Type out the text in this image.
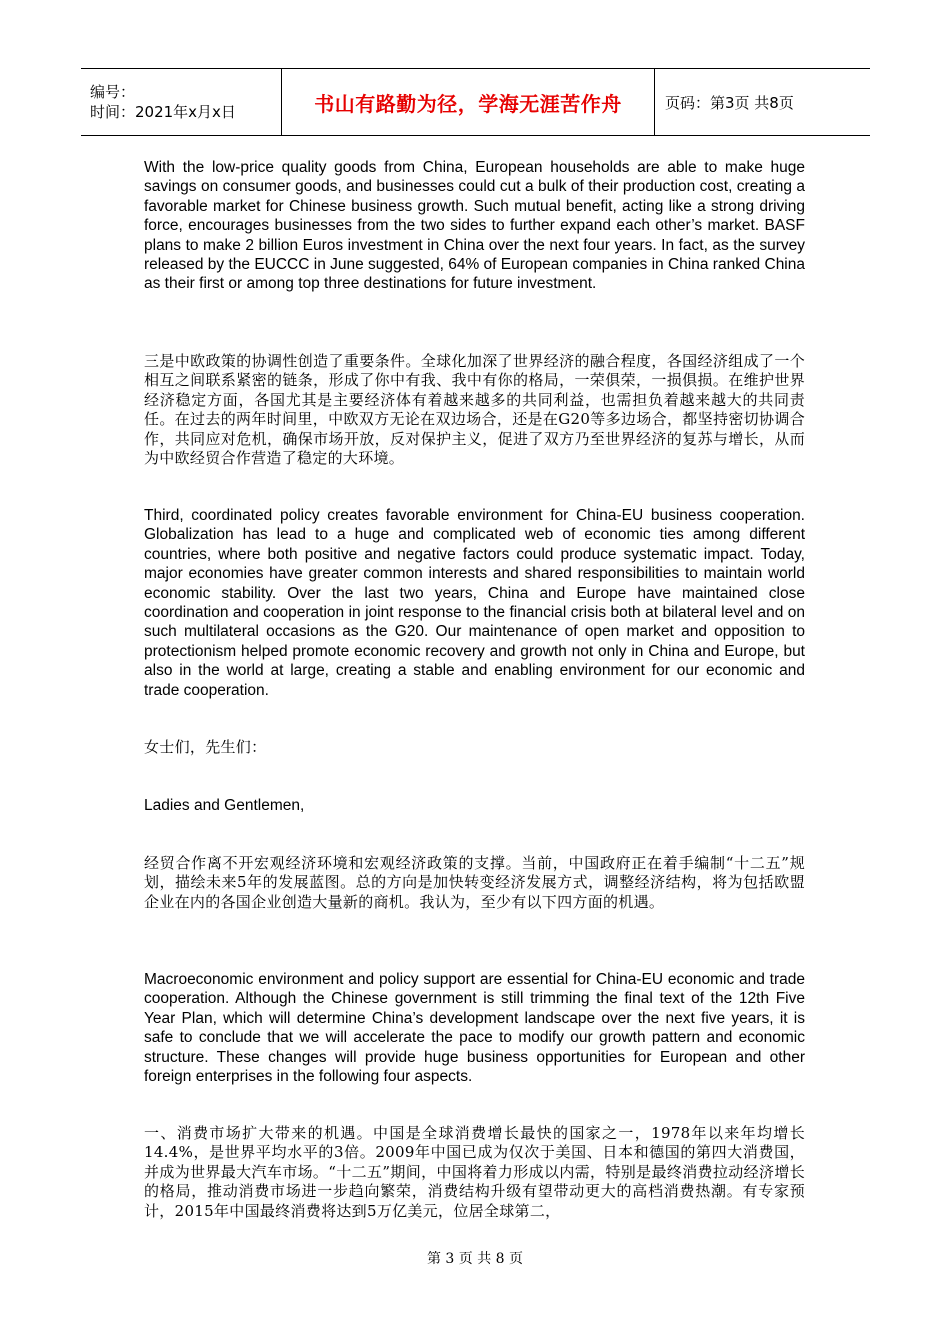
编号：
时间：2021年x月x日	书山有路勤为径，学海无涯苦作舟	页码：第3页 共8页

With the low-price quality goods from China, European households are able to make huge savings on consumer goods, and businesses could cut a bulk of their production cost, creating a favorable market for Chinese business growth. Such mutual benefit, acting like a strong driving force, encourages businesses from the two sides to further expand each other’s market. BASF plans to make 2 billion Euros investment in China over the next four years. In fact, as the survey released by the EUCCC in June suggested, 64% of European companies in China ranked China as their first or among top three destinations for future investment.

三是中欧政策的协调性创造了重要条件。全球化加深了世界经济的融合程度，各国经济组成了一个相互之间联系紧密的链条，形成了你中有我、我中有你的格局，一荣俱荣，一损俱损。在维护世界经济稳定方面，各国尤其是主要经济体有着越来越多的共同利益，也需担负着越来越大的共同责任。在过去的两年时间里，中欧双方无论在双边场合，还是在G20等多边场合，都坚持密切协调合作，共同应对危机，确保市场开放，反对保护主义，促进了双方乃至世界经济的复苏与增长，从而为中欧经贸合作营造了稳定的大环境。

Third, coordinated policy creates favorable environment for China-EU business cooperation. Globalization has lead to a huge and complicated web of economic ties among different countries, where both positive and negative factors could produce systematic impact. Today, major economies have greater common interests and shared responsibilities to maintain world economic stability. Over the last two years, China and Europe have maintained close coordination and cooperation in joint response to the financial crisis both at bilateral level and on such multilateral occasions as the G20. Our maintenance of open market and opposition to protectionism helped promote economic recovery and growth not only in China and Europe, but also in the world at large, creating a stable and enabling environment for our economic and trade cooperation.

女士们，先生们：

Ladies and Gentlemen,

经贸合作离不开宏观经济环境和宏观经济政策的支撑。当前，中国政府正在着手编制“十二五”规划，描绘未来5年的发展蓝图。总的方向是加快转变经济发展方式，调整经济结构，将为包括欧盟企业在内的各国企业创造大量新的商机。我认为，至少有以下四方面的机遇。

Macroeconomic environment and policy support are essential for China-EU economic and trade cooperation. Although the Chinese government is still trimming the final text of the 12th Five Year Plan, which will determine China’s development landscape over the next five years, it is safe to conclude that we will accelerate the pace to modify our growth pattern and economic structure. These changes will provide huge business opportunities for European and other foreign enterprises in the following four aspects.

一、消费市场扩大带来的机遇。中国是全球消费增长最快的国家之一，1978年以来年均增长14.4%，是世界平均水平的3倍。2009年中国已成为仅次于美国、日本和德国的第四大消费国，并成为世界最大汽车市场。“十二五”期间，中国将着力形成以内需，特别是最终消费拉动经济增长的格局，推动消费市场进一步趋向繁荣，消费结构升级有望带动更大的高档消费热潮。有专家预计，2015年中国最终消费将达到5万亿美元，位居全球第二，

第 3 页 共 8 页
